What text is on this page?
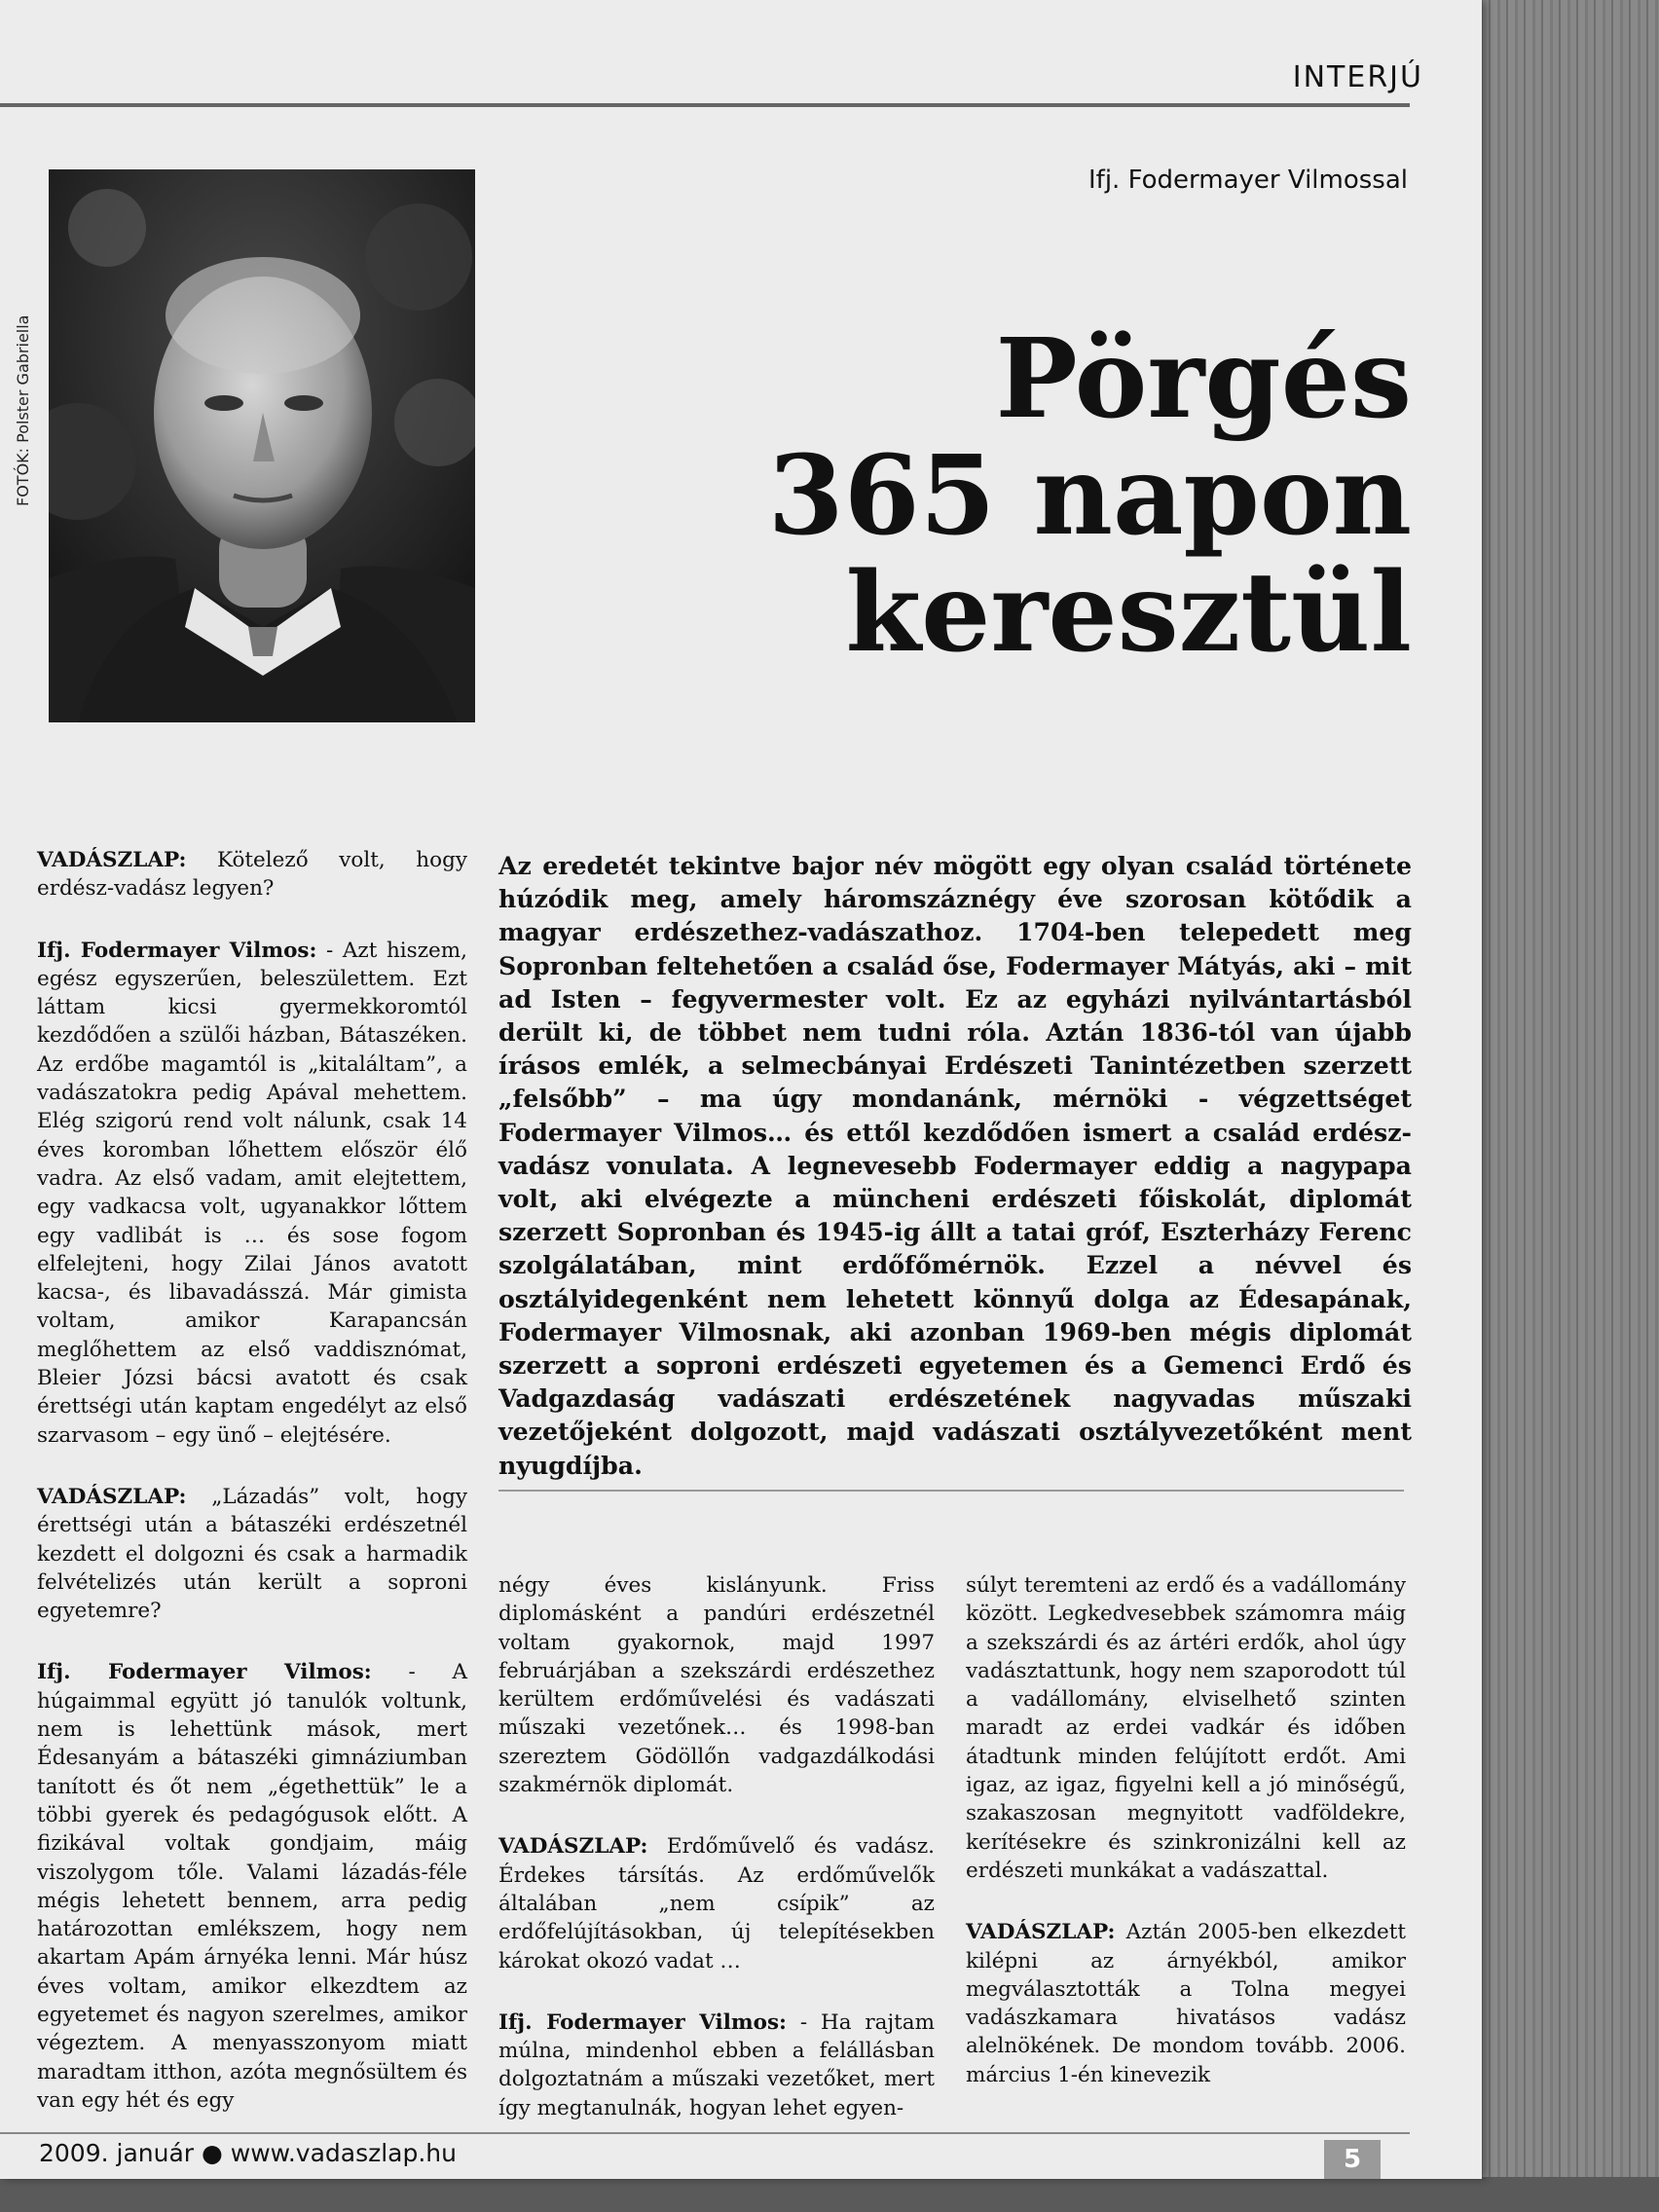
INTERJÚ
FOTÓK: Polster Gabriella
Ifj. Fodermayer Vilmossal
Pörgés
365 napon
keresztül

VADÁSZLAP: Kötelező volt, hogy erdész-vadász legyen?

Ifj. Fodermayer Vilmos: - Azt hiszem, egész egyszerűen, beleszülettem. Ezt láttam kicsi gyermekkoromtól kezdődően a szülői házban, Bátaszéken. Az erdőbe magamtól is „kitaláltam”, a vadászatokra pedig Apával mehettem. Elég szigorú rend volt nálunk, csak 14 éves koromban lőhettem először élő vadra. Az első vadam, amit elejtettem, egy vadkacsa volt, ugyanakkor lőttem egy vadlibát is … és sose fogom elfelejteni, hogy Zilai János avatott kacsa-, és libavadásszá. Már gimista voltam, amikor Karapancsán meglőhettem az első vaddisznómat, Bleier Józsi bácsi avatott és csak érettségi után kaptam engedélyt az első szarvasom – egy ünő – elejtésére.

VADÁSZLAP: „Lázadás” volt, hogy érettségi után a bátaszéki erdészetnél kezdett el dolgozni és csak a harmadik felvételizés után került a soproni egyetemre?

Ifj. Fodermayer Vilmos: - A húgaimmal együtt jó tanulók voltunk, nem is lehettünk mások, mert Édesanyám a bátaszéki gimnáziumban tanított és őt nem „égethettük” le a többi gyerek és pedagógusok előtt. A fizikával voltak gondjaim, máig viszolygom tőle. Valami lázadás-féle mégis lehetett bennem, arra pedig határozottan emlékszem, hogy nem akartam Apám árnyéka lenni. Már húsz éves voltam, amikor elkezdtem az egyetemet és nagyon szerelmes, amikor végeztem. A menyasszonyom miatt maradtam itthon, azóta megnősültem és van egy hét és egy

Az eredetét tekintve bajor név mögött egy olyan család története húzódik meg, amely háromszáznégy éve szorosan kötődik a magyar erdészethez-vadászathoz. 1704-ben telepedett meg Sopronban feltehetően a család őse, Fodermayer Mátyás, aki – mit ad Isten – fegyvermester volt. Ez az egyházi nyilvántartásból derült ki, de többet nem tudni róla. Aztán 1836-tól van újabb írásos emlék, a selmecbányai Erdészeti Tanintézetben szerzett „felsőbb” – ma úgy mondanánk, mérnöki - végzettséget Fodermayer Vilmos… és ettől kezdődően ismert a család erdész-vadász vonulata. A legnevesebb Fodermayer eddig a nagypapa volt, aki elvégezte a müncheni erdészeti főiskolát, diplomát szerzett Sopronban és 1945-ig állt a tatai gróf, Eszterházy Ferenc szolgálatában, mint erdőfőmérnök. Ezzel a névvel és osztályidegenként nem lehetett könnyű dolga az Édesapának, Fodermayer Vilmosnak, aki azonban 1969-ben mégis diplomát szerzett a soproni erdészeti egyetemen és a Gemenci Erdő és Vadgazdaság vadászati erdészetének nagyvadas műszaki vezetőjeként dolgozott, majd vadászati osztályvezetőként ment nyugdíjba.

négy éves kislányunk. Friss diplomásként a pandúri erdészetnél voltam gyakornok, majd 1997 februárjában a szekszárdi erdészethez kerültem erdőművelési és vadászati műszaki vezetőnek… és 1998-ban szereztem Gödöllőn vadgazdálkodási szakmérnök diplomát.

VADÁSZLAP: Erdőművelő és vadász. Érdekes társítás. Az erdőművelők általában „nem csípik” az erdőfelújításokban, új telepítésekben károkat okozó vadat …

Ifj. Fodermayer Vilmos: - Ha rajtam múlna, mindenhol ebben a felállásban dolgoztatnám a műszaki vezetőket, mert így megtanulnák, hogyan lehet egyen-

súlyt teremteni az erdő és a vadállomány között. Legkedvesebbek számomra máig a szekszárdi és az ártéri erdők, ahol úgy vadásztattunk, hogy nem szaporodott túl a vadállomány, elviselhető szinten maradt az erdei vadkár és időben átadtunk minden felújított erdőt. Ami igaz, az igaz, figyelni kell a jó minőségű, szakaszosan megnyitott vadföldekre, kerítésekre és szinkronizálni kell az erdészeti munkákat a vadászattal.

VADÁSZLAP: Aztán 2005-ben elkezdett kilépni az árnyékból, amikor megválasztották a Tolna megyei vadászkamara hivatásos vadász alelnökének. De mondom tovább. 2006. március 1-én kinevezik

2009. január ● www.vadaszlap.hu	5
